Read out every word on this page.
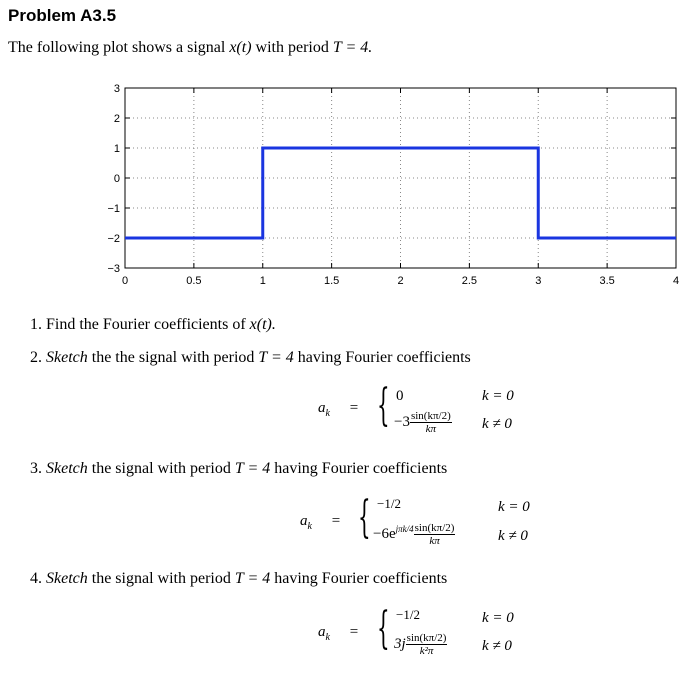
Problem A3.5
The following plot shows a signal x(t) with period T = 4.
0	0.5	1	1.5	2	2.5	3	3.5	4
3
2
1
0
−1
−2
−3
1. Find the Fourier coefficients of x(t).
2. Sketch the the signal with period T = 4 having Fourier coefficients
$a_k$ = { 0	k = 0
$-3 \frac{\sin(k\pi/2)}{k\pi}$ k ≠ 0
3. Sketch the signal with period T = 4 having Fourier coefficients
$a_k$ = { −1/2	k = 0
$-6e^{j\pi k/4} \frac{\sin(k\pi/2)}{k\pi}$	k ≠ 0
4. Sketch the signal with period T = 4 having Fourier coefficients
$a_k$ = { −1/2	k = 0
$3j \frac{\sin(k\pi/2)}{\text{k²π}}$ k ≠ 0
